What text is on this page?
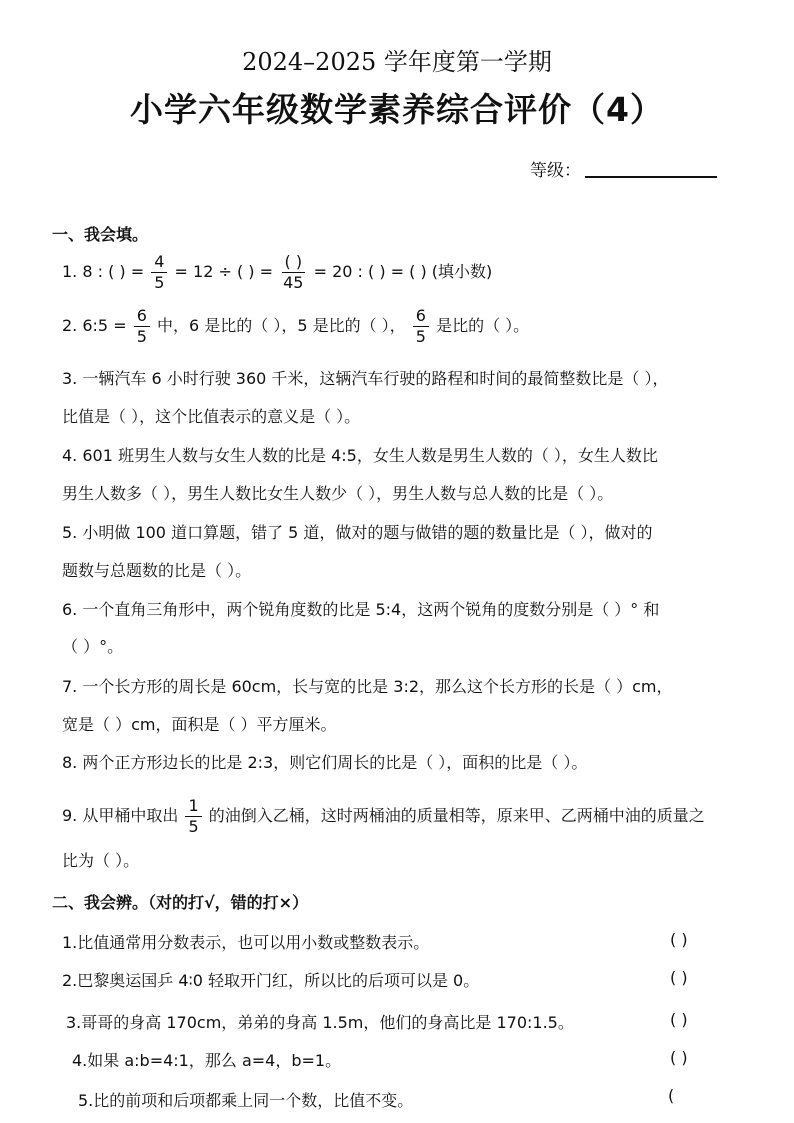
2024–2025 学年度第一学期
小学六年级数学素养综合评价（4）
等级：
一、我会填。
1. 8 : ( ) = $\frac{4}{5} = 12$ ÷ ( ) = $\frac{( )}{45} = 20$ : ( ) = ( ) (填小数)
2. 6:5 = $\frac{6}{5}$ 中，6 是比的（ ），5 是比的（ ）， $\frac{6}{5}$ 是比的（ ）。
3. 一辆汽车 6 小时行驶 360 千米，这辆汽车行驶的路程和时间的最简整数比是（ ），
比值是（ ），这个比值表示的意义是（ ）。
4. 601 班男生人数与女生人数的比是 4:5，女生人数是男生人数的（ ），女生人数比
男生人数多（ ），男生人数比女生人数少（ ），男生人数与总人数的比是（ ）。
5. 小明做 100 道口算题，错了 5 道，做对的题与做错的题的数量比是（ ），做对的
题数与总题数的比是（ ）。
6. 一个直角三角形中，两个锐角度数的比是 5:4，这两个锐角的度数分别是（ ）° 和
（ ）°。
7. 一个长方形的周长是 60cm，长与宽的比是 3:2，那么这个长方形的长是（ ）cm，
宽是（ ）cm，面积是（ ）平方厘米。
8. 两个正方形边长的比是 2:3，则它们周长的比是（ ），面积的比是（ ）。
9. 从甲桶中取出 $\frac{1}{5}$ 的油倒入乙桶，这时两桶油的质量相等，原来甲、乙两桶中油的质量之
比为（ ）。
二、我会辨。（对的打√，错的打×）
1.比值通常用分数表示，也可以用小数或整数表示。	( )
2.巴黎奥运国乒 4∶0 轻取开门红，所以比的后项可以是 0。	( )
3.哥哥的身高 170cm，弟弟的身高 1.5m，他们的身高比是 170:1.5。	( )
4.如果 a:b=4:1，那么 a=4，b=1。	( )
5.比的前项和后项都乘上同一个数，比值不变。	(
